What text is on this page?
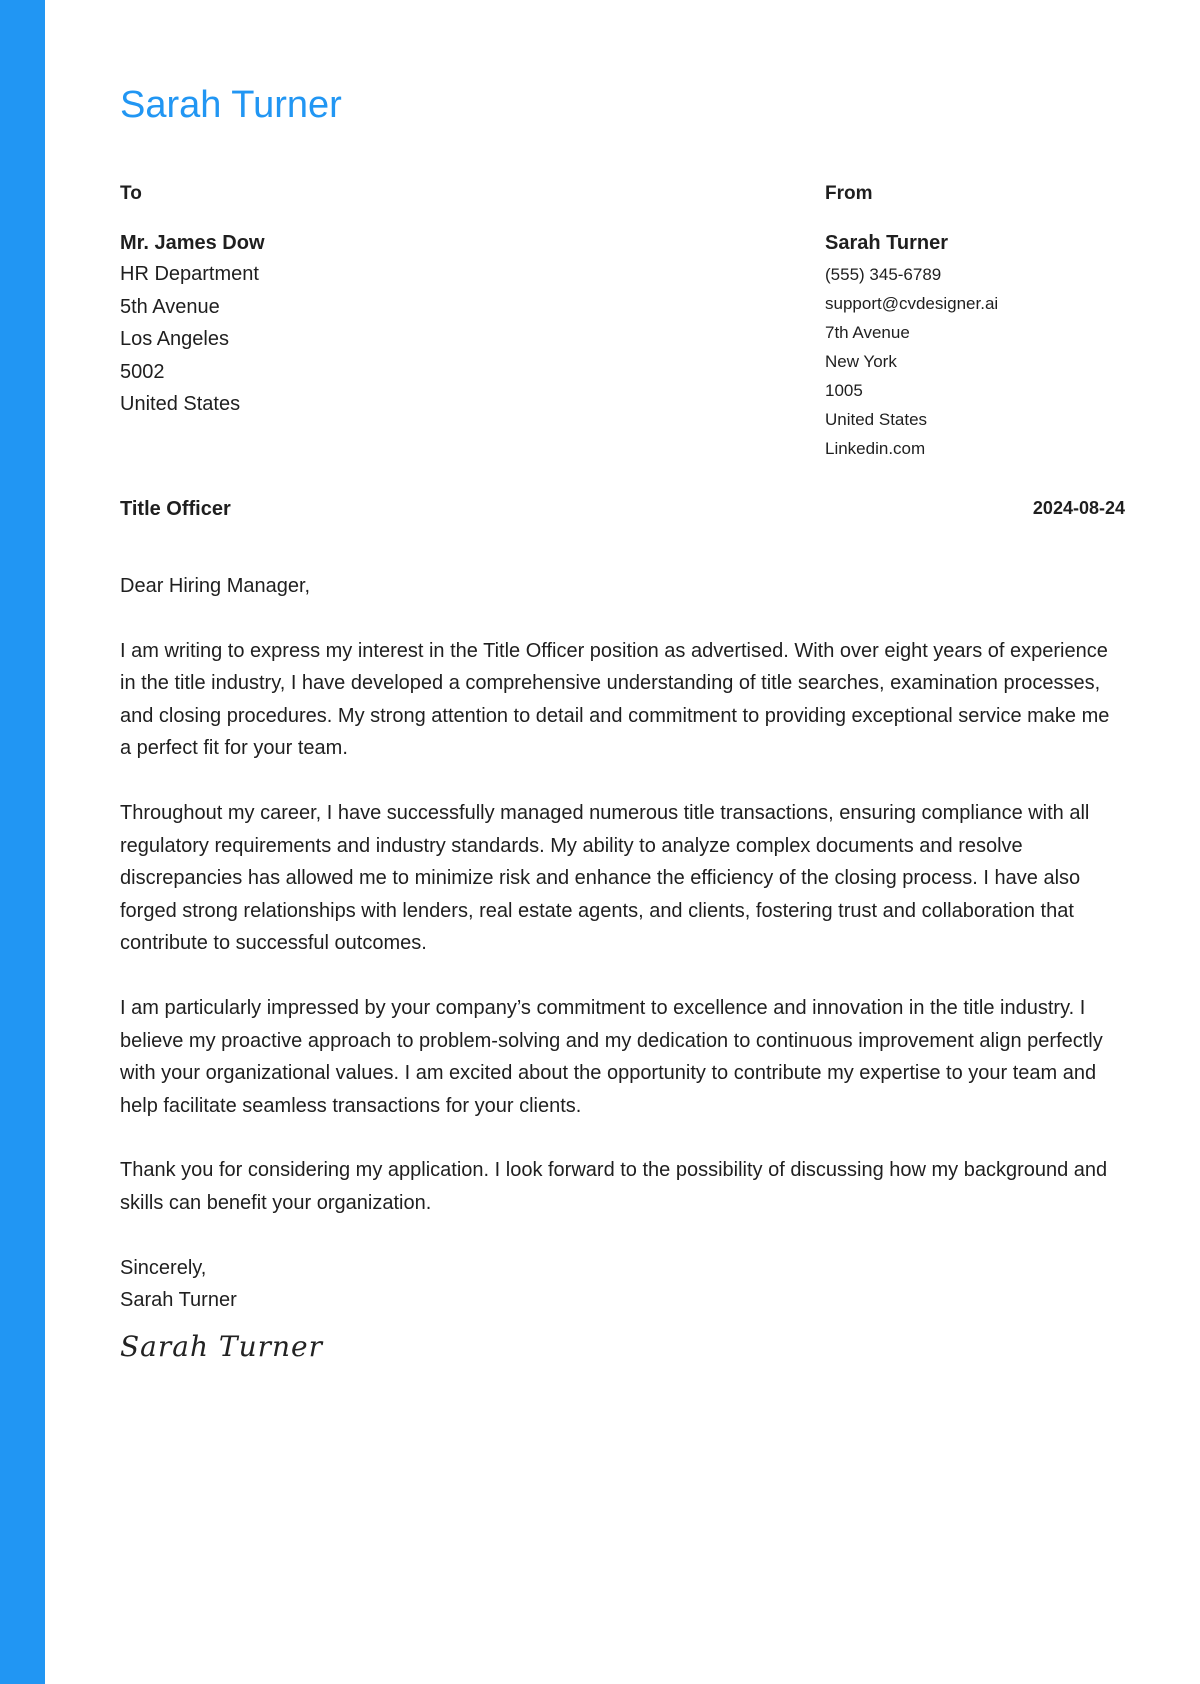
Sarah Turner
To
Mr. James Dow
HR Department
5th Avenue
Los Angeles
5002
United States
From
Sarah Turner
(555) 345-6789
support@cvdesigner.ai
7th Avenue
New York
1005
United States
Linkedin.com
Title Officer	2024-08-24

Dear Hiring Manager,

I am writing to express my interest in the Title Officer position as advertised. With over eight years of experience in the title industry, I have developed a comprehensive understanding of title searches, examination processes, and closing procedures. My strong attention to detail and commitment to providing exceptional service make me a perfect fit for your team.

Throughout my career, I have successfully managed numerous title transactions, ensuring compliance with all regulatory requirements and industry standards. My ability to analyze complex documents and resolve discrepancies has allowed me to minimize risk and enhance the efficiency of the closing process. I have also forged strong relationships with lenders, real estate agents, and clients, fostering trust and collaboration that contribute to successful outcomes.

I am particularly impressed by your company’s commitment to excellence and innovation in the title industry. I believe my proactive approach to problem-solving and my dedication to continuous improvement align perfectly with your organizational values. I am excited about the opportunity to contribute my expertise to your team and help facilitate seamless transactions for your clients.

Thank you for considering my application. I look forward to the possibility of discussing how my background and skills can benefit your organization.

Sincerely,

Sarah Turner

Sarah Turner
